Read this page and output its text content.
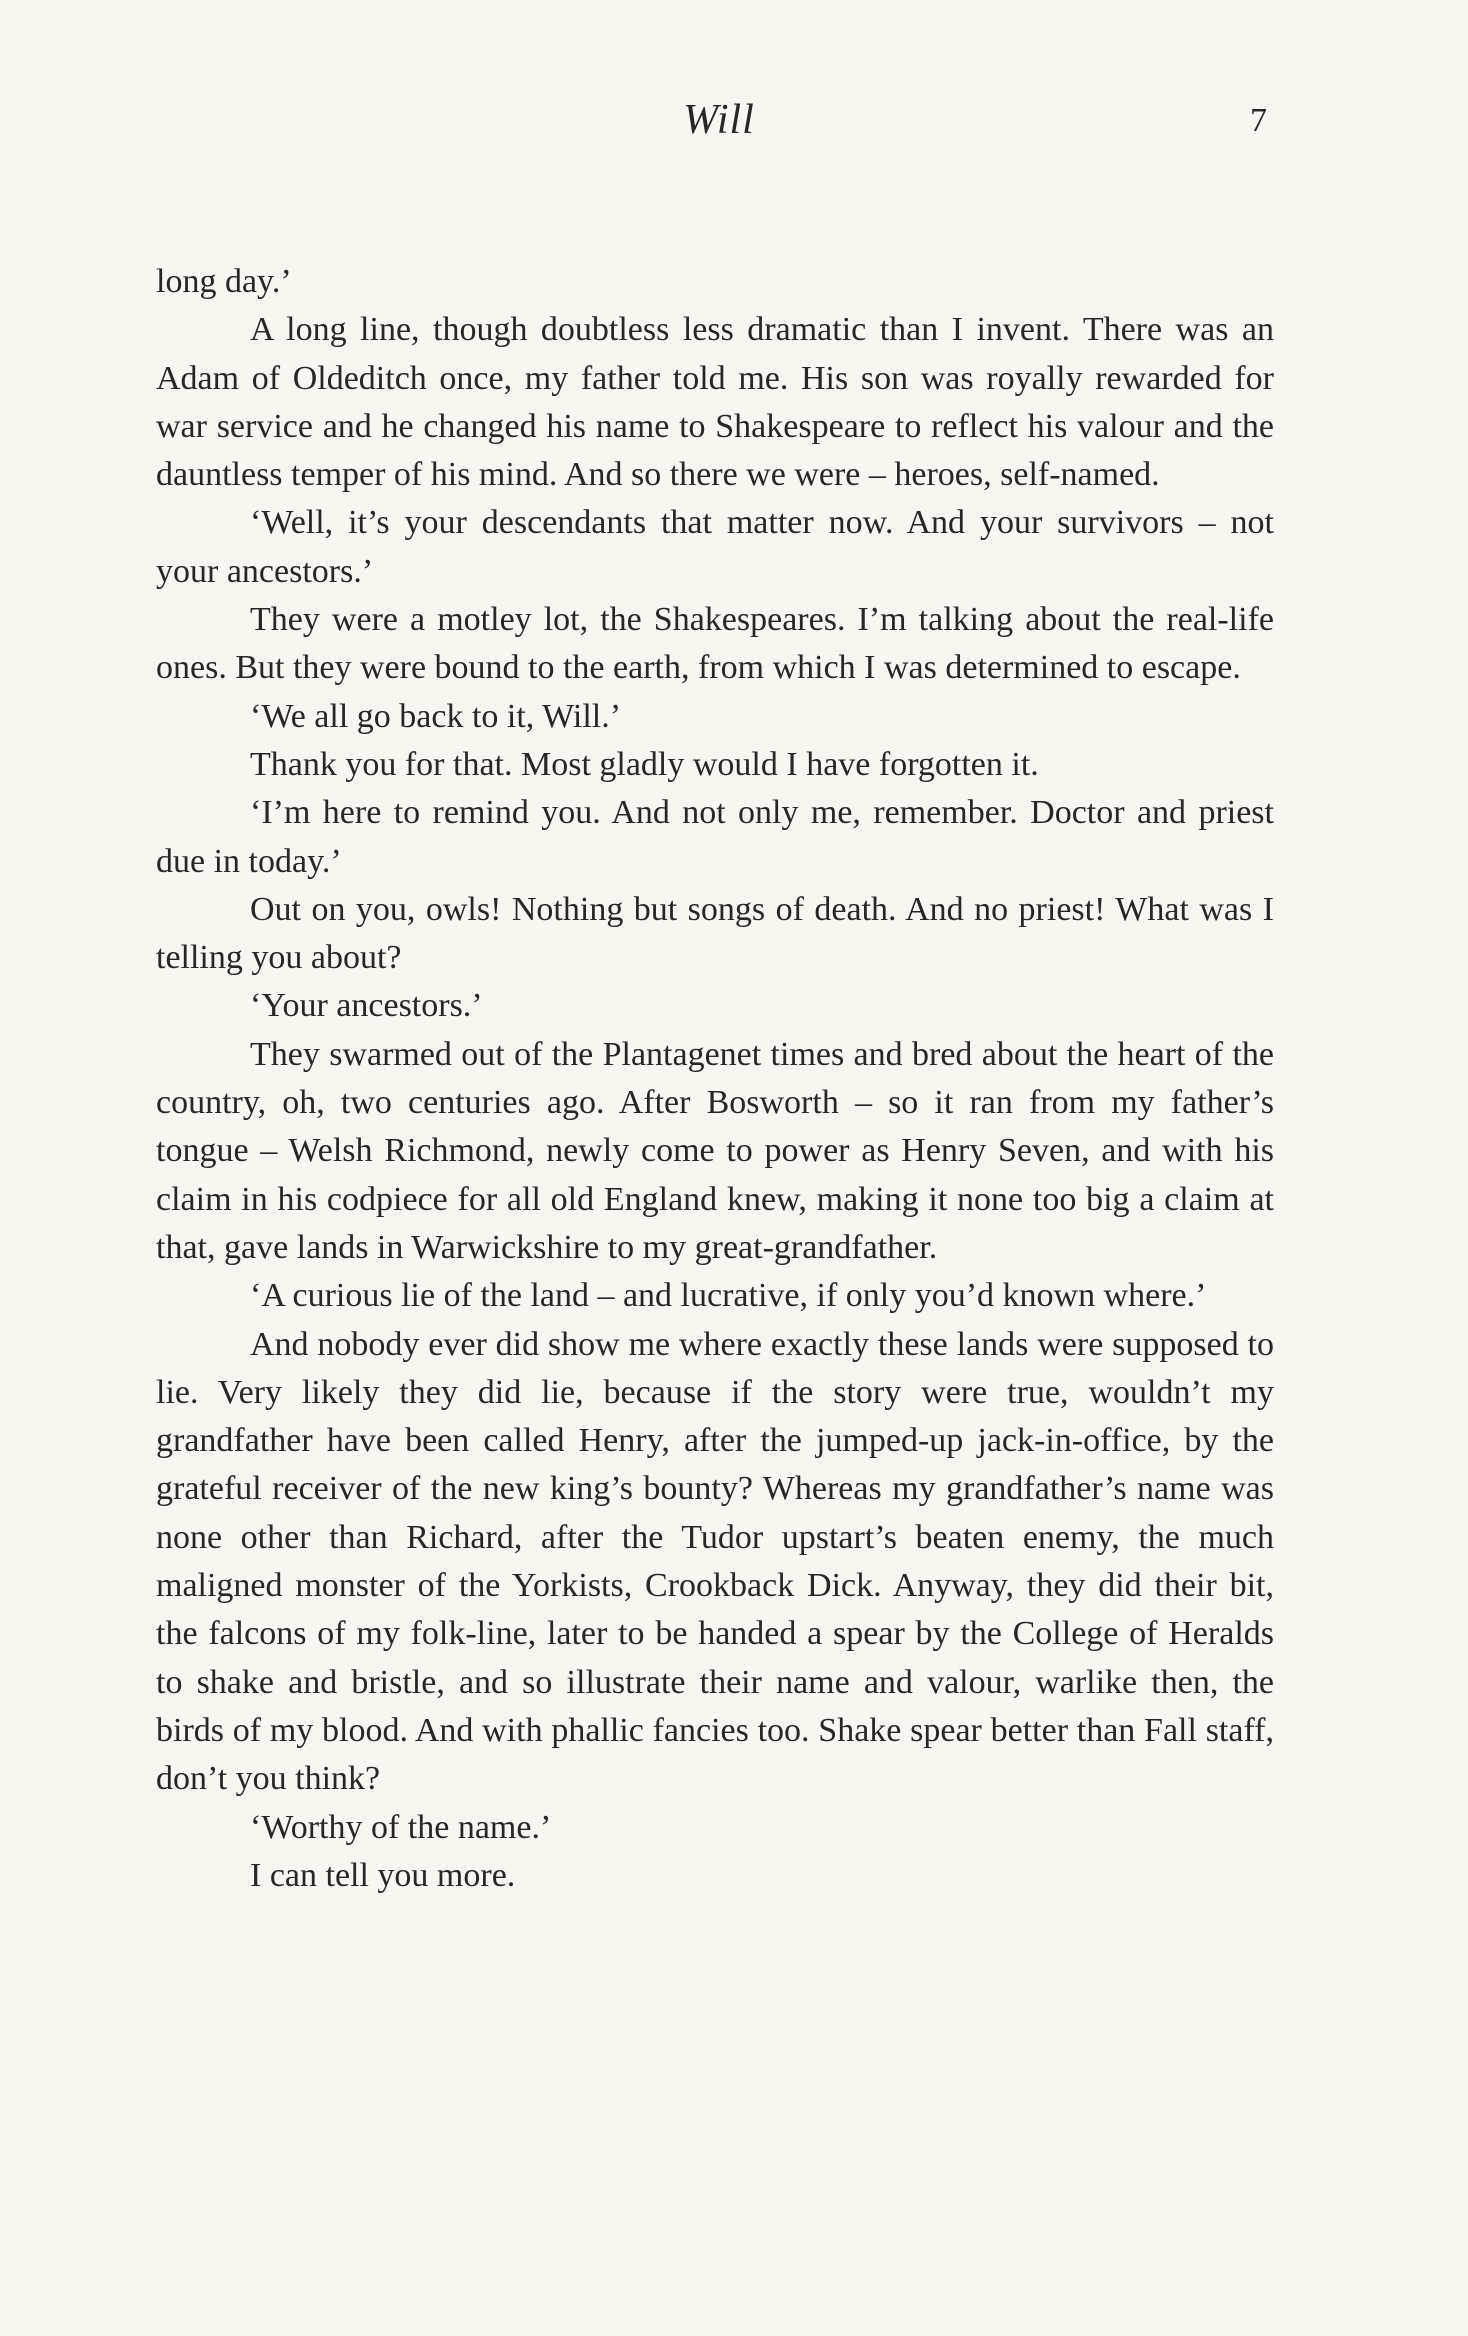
Will	7

long day.’

A long line, though doubtless less dramatic than I invent. There was an Adam of Oldeditch once, my father told me. His son was royally rewarded for war service and he changed his name to Shakespeare to reflect his valour and the dauntless temper of his mind. And so there we were – heroes, self-named.

‘Well, it’s your descendants that matter now. And your survivors – not your ancestors.’

They were a motley lot, the Shakespeares. I’m talking about the real-life ones. But they were bound to the earth, from which I was determined to escape.

‘We all go back to it, Will.’

Thank you for that. Most gladly would I have forgotten it.

‘I’m here to remind you. And not only me, remember. Doctor and priest due in today.’

Out on you, owls! Nothing but songs of death. And no priest! What was I telling you about?

‘Your ancestors.’

They swarmed out of the Plantagenet times and bred about the heart of the country, oh, two centuries ago. After Bosworth – so it ran from my father’s tongue – Welsh Richmond, newly come to power as Henry Seven, and with his claim in his codpiece for all old England knew, making it none too big a claim at that, gave lands in Warwickshire to my great-grandfather.

‘A curious lie of the land – and lucrative, if only you’d known where.’

And nobody ever did show me where exactly these lands were supposed to lie. Very likely they did lie, because if the story were true, wouldn’t my grandfather have been called Henry, after the jumped-up jack-in-office, by the grateful receiver of the new king’s bounty? Whereas my grandfather’s name was none other than Richard, after the Tudor upstart’s beaten enemy, the much maligned monster of the Yorkists, Crookback Dick. Anyway, they did their bit, the falcons of my folk-line, later to be handed a spear by the College of Heralds to shake and bristle, and so illustrate their name and valour, warlike then, the birds of my blood. And with phallic fancies too. Shake spear better than Fall staff, don’t you think?

‘Worthy of the name.’

I can tell you more.
